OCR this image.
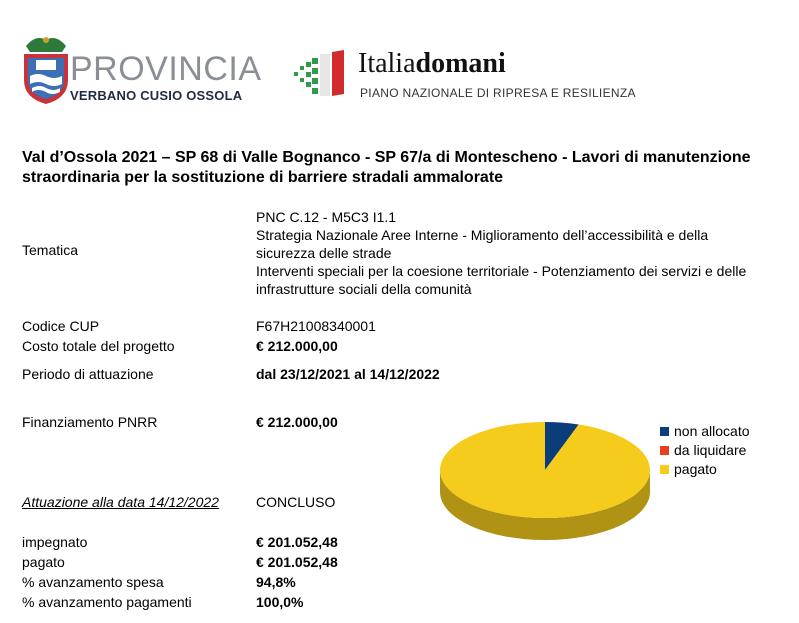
PROVINCIA
VERBANO CUSIO OSSOLA
Italiadomani
PIANO NAZIONALE DI RIPRESA E RESILIENZA
Val d’Ossola 2021 – SP 68 di Valle Bognanco - SP 67/a di Montescheno - Lavori di manutenzione straordinaria per la sostituzione di barriere stradali ammalorate
Tematica
PNC C.12 - M5C3 I1.1
Strategia Nazionale Aree Interne - Miglioramento dell’accessibilità e della sicurezza delle strade
Interventi speciali per la coesione territoriale - Potenziamento dei servizi e delle infrastrutture sociali della comunità
Codice CUP	F67H21008340001
Costo totale del progetto	€ 212.000,00
Periodo di attuazione	dal 23/12/2021 al 14/12/2022
Finanziamento PNRR	€ 212.000,00
Attuazione alla data 14/12/2022	CONCLUSO
impegnato	€ 201.052,48
pagato	€ 201.052,48
% avanzamento spesa	94,8%
% avanzamento pagamenti	100,0%
non allocato
da liquidare
pagato
